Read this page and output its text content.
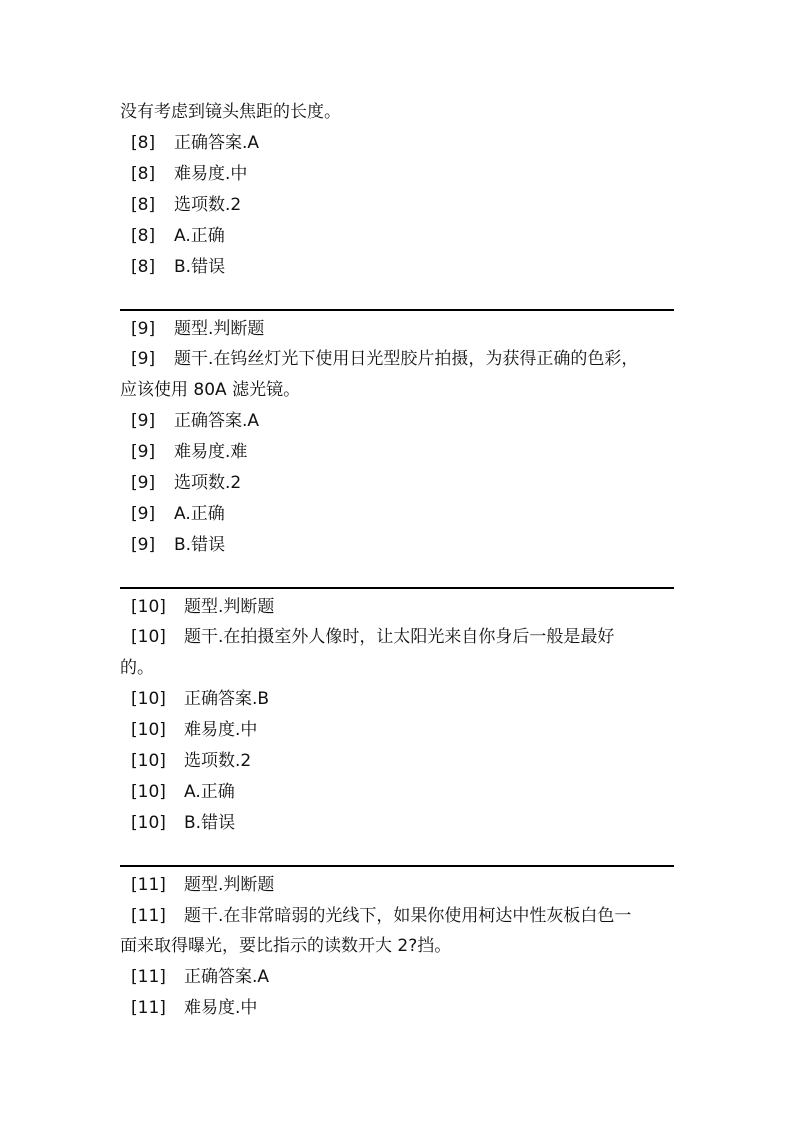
没有考虑到镜头焦距的长度。
[8] 正确答案.A
[8] 难易度.中
[8] 选项数.2
[8] A.正确
[8] B.错误
[9] 题型.判断题
[9] 题干.在钨丝灯光下使用日光型胶片拍摄，为获得正确的色彩，
应该使用 80A 滤光镜。
[9] 正确答案.A
[9] 难易度.难
[9] 选项数.2
[9] A.正确
[9] B.错误
[10] 题型.判断题
[10] 题干.在拍摄室外人像时，让太阳光来自你身后一般是最好
的。
[10] 正确答案.B
[10] 难易度.中
[10] 选项数.2
[10] A.正确
[10] B.错误
[11] 题型.判断题
[11] 题干.在非常暗弱的光线下，如果你使用柯达中性灰板白色一
面来取得曝光，要比指示的读数开大 2?挡。
[11] 正确答案.A
[11] 难易度.中
